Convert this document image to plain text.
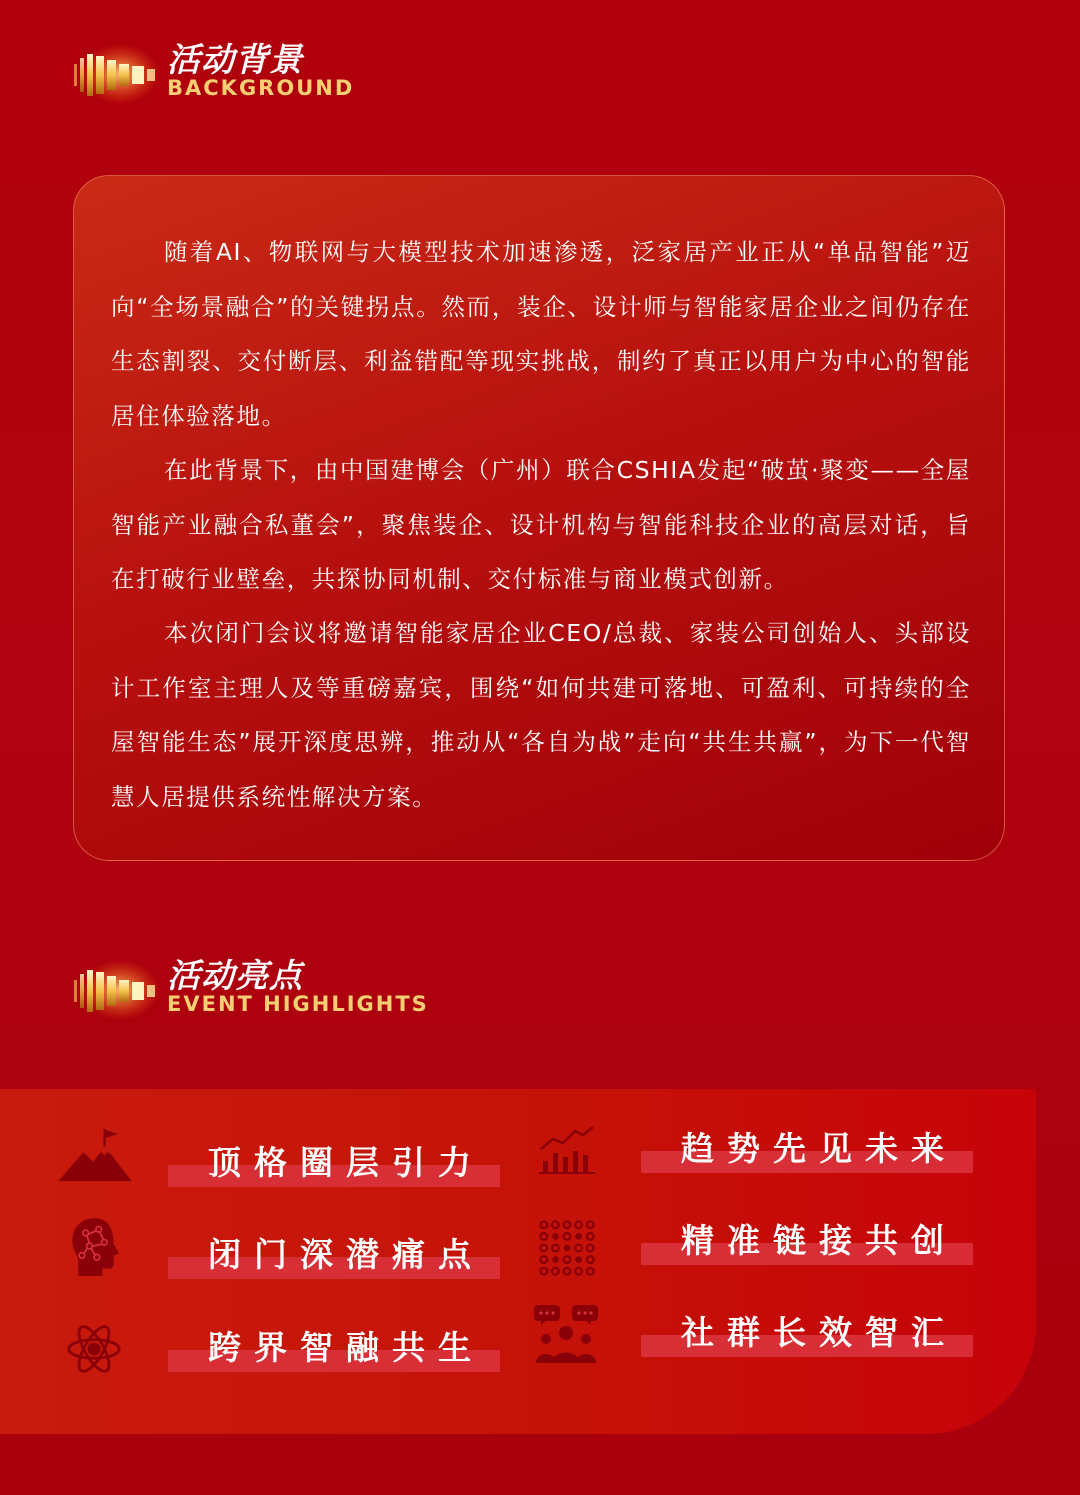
活动背景
BACKGROUND
随着AI、物联网与大模型技术加速渗透，泛家居产业正从“单品智能”迈向“全场景融合”的关键拐点。然而，装企、设计师与智能家居企业之间仍存在生态割裂、交付断层、利益错配等现实挑战，制约了真正以用户为中心的智能居住体验落地。
在此背景下，由中国建博会（广州）联合CSHIA发起“破茧·聚变——全屋智能产业融合私董会”，聚焦装企、设计机构与智能科技企业的高层对话，旨在打破行业壁垒，共探协同机制、交付标准与商业模式创新。
本次闭门会议将邀请智能家居企业CEO/总裁、家装公司创始人、头部设计工作室主理人及等重磅嘉宾，围绕“如何共建可落地、可盈利、可持续的全屋智能生态”展开深度思辨，推动从“各自为战”走向“共生共赢”，为下一代智慧人居提供系统性解决方案。
活动亮点
EVENT HIGHLIGHTS
顶格圈层引力
闭门深潜痛点
跨界智融共生
趋势先见未来
精准链接共创
社群长效智汇
